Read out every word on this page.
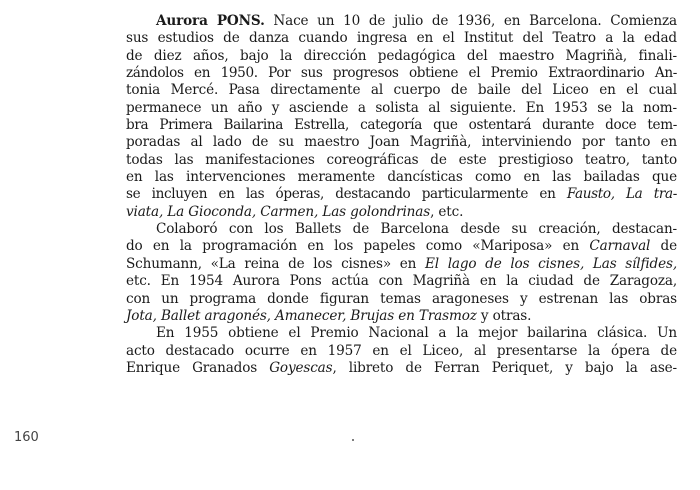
Aurora PONS. Nace un 10 de julio de 1936, en Barcelona. Comienza
sus estudios de danza cuando ingresa en el Institut del Teatro a la edad
de diez años, bajo la dirección pedagógica del maestro Magriñà, finali-
zándolos en 1950. Por sus progresos obtiene el Premio Extraordinario An-
tonia Mercé. Pasa directamente al cuerpo de baile del Liceo en el cual
permanece un año y asciende a solista al siguiente. En 1953 se la nom-
bra Primera Bailarina Estrella, categoría que ostentará durante doce tem-
poradas al lado de su maestro Joan Magriñà, interviniendo por tanto en
todas las manifestaciones coreográficas de este prestigioso teatro, tanto
en las intervenciones meramente dancísticas como en las bailadas que
se incluyen en las óperas, destacando particularmente en Fausto, La tra-
viata, La Gioconda, Carmen, Las golondrinas, etc.

Colaboró con los Ballets de Barcelona desde su creación, destacan-
do en la programación en los papeles como «Mariposa» en Carnaval de
Schumann, «La reina de los cisnes» en El lago de los cisnes, Las sílfides,
etc. En 1954 Aurora Pons actúa con Magriñà en la ciudad de Zaragoza,
con un programa donde figuran temas aragoneses y estrenan las obras
Jota, Ballet aragonés, Amanecer, Brujas en Trasmoz y otras.

En 1955 obtiene el Premio Nacional a la mejor bailarina clásica. Un
acto destacado ocurre en 1957 en el Liceo, al presentarse la ópera de
Enrique Granados Goyescas, libreto de Ferran Periquet, y bajo la ase-

160
